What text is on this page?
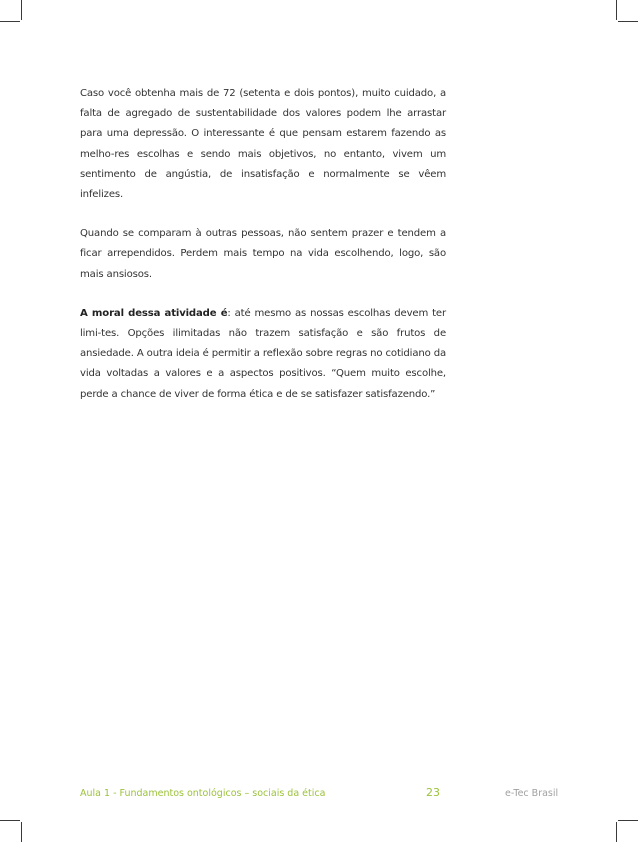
Caso você obtenha mais de 72 (setenta e dois pontos), muito cuidado, a falta de agregado de sustentabilidade dos valores podem lhe arrastar para uma depressão. O interessante é que pensam estarem fazendo as melho-res escolhas e sendo mais objetivos, no entanto, vivem um sentimento de angústia, de insatisfação e normalmente se vêem infelizes.

Quando se comparam à outras pessoas, não sentem prazer e tendem a ficar arrependidos. Perdem mais tempo na vida escolhendo, logo, são mais ansiosos.

A moral dessa atividade é: até mesmo as nossas escolhas devem ter limi-tes. Opções ilimitadas não trazem satisfação e são frutos de ansiedade. A outra ideia é permitir a reflexão sobre regras no cotidiano da vida voltadas a valores e a aspectos positivos. “Quem muito escolhe, perde a chance de viver de forma ética e de se satisfazer satisfazendo.”

Aula 1 - Fundamentos ontológicos – sociais da ética	23	e-Tec Brasil
